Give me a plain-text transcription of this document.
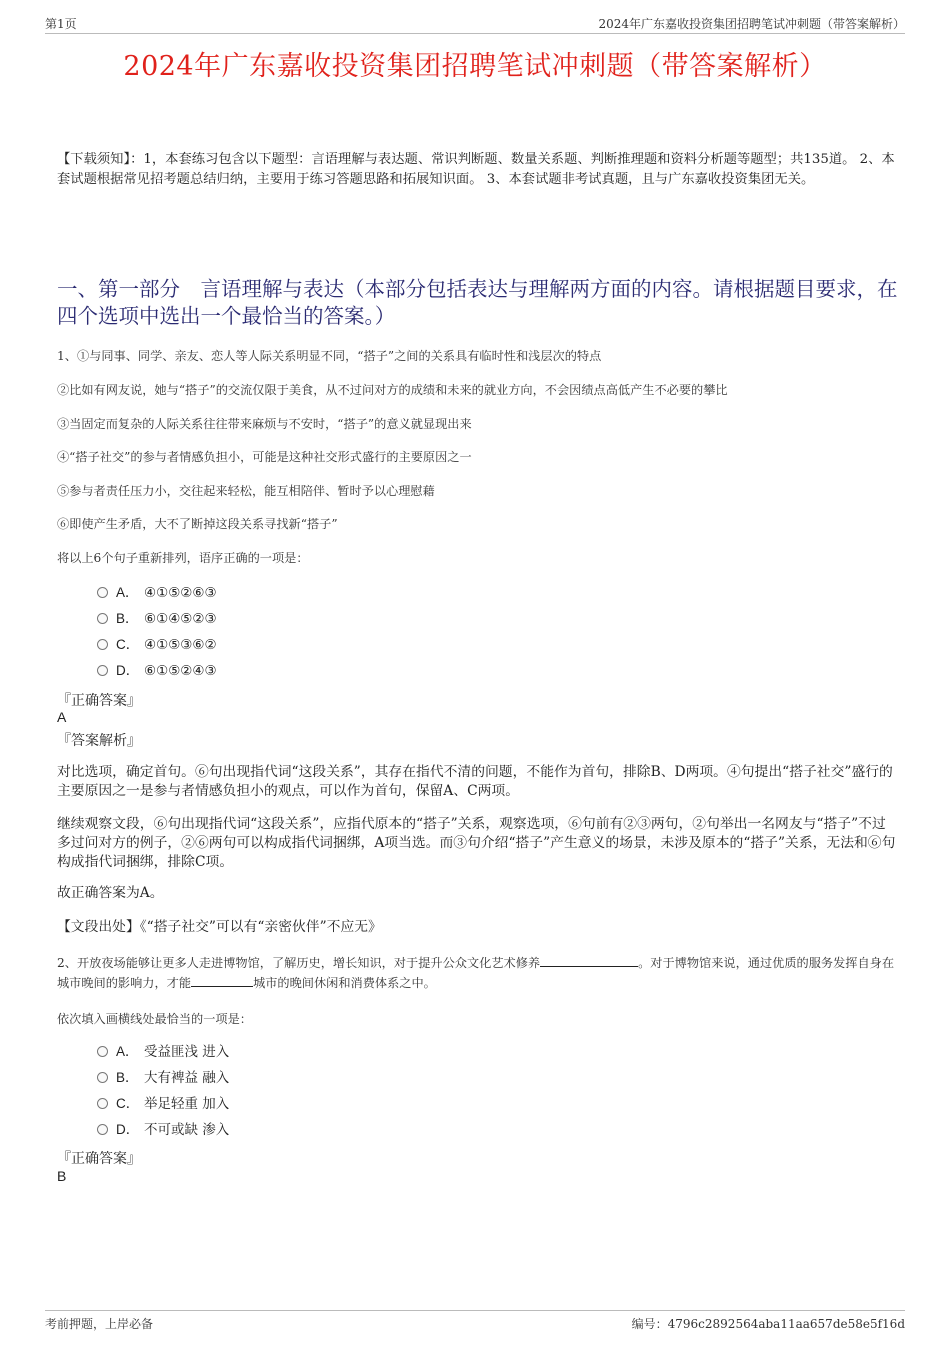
第1页	2024年广东嘉收投资集团招聘笔试冲刺题（带答案解析）
2024年广东嘉收投资集团招聘笔试冲刺题（带答案解析）
【下载须知】：1，本套练习包含以下题型：言语理解与表达题、常识判断题、数量关系题、判断推理题和资料分析题等题型；共135道。 2、本套试题根据常见招考题总结归纳，主要用于练习答题思路和拓展知识面。 3、本套试题非考试真题，且与广东嘉收投资集团无关。
一、第一部分　言语理解与表达（本部分包括表达与理解两方面的内容。请根据题目要求，在四个选项中选出一个最恰当的答案。）
1、①与同事、同学、亲友、恋人等人际关系明显不同，“搭子”之间的关系具有临时性和浅层次的特点
②比如有网友说，她与“搭子”的交流仅限于美食，从不过问对方的成绩和未来的就业方向，不会因绩点高低产生不必要的攀比
③当固定而复杂的人际关系往往带来麻烦与不安时，“搭子”的意义就显现出来
④“搭子社交”的参与者情感负担小，可能是这种社交形式盛行的主要原因之一
⑤参与者责任压力小，交往起来轻松，能互相陪伴、暂时予以心理慰藉
⑥即使产生矛盾，大不了断掉这段关系寻找新“搭子”
将以上6个句子重新排列，语序正确的一项是：
A． ④①⑤②⑥③
B． ⑥①④⑤②③
C． ④①⑤③⑥②
D． ⑥①⑤②④③
『正确答案』
A
『答案解析』
对比选项，确定首句。⑥句出现指代词“这段关系”，其存在指代不清的问题，不能作为首句，排除B、D两项。④句提出“搭子社交”盛行的主要原因之一是参与者情感负担小的观点，可以作为首句，保留A、C两项。
继续观察文段，⑥句出现指代词“这段关系”，应指代原本的“搭子”关系，观察选项，⑥句前有②③两句，②句举出一名网友与“搭子”不过多过问对方的例子，②⑥两句可以构成指代词捆绑，A项当选。而③句介绍“搭子”产生意义的场景，未涉及原本的“搭子”关系，无法和⑥句构成指代词捆绑，排除C项。
故正确答案为A。
【文段出处】《“搭子社交”可以有“亲密伙伴”不应无》
2、开放夜场能够让更多人走进博物馆，了解历史，增长知识，对于提升公众文化艺术修养	。对于博物馆来说，通过优质的服务发挥自身在城市晚间的影响力，才能	城市的晚间休闲和消费体系之中。
依次填入画横线处最恰当的一项是：
A． 受益匪浅 进入
B． 大有裨益 融入
C． 举足轻重 加入
D． 不可或缺 渗入
『正确答案』
B
考前押题，上岸必备	编号：4796c2892564aba11aa657de58e5f16d
